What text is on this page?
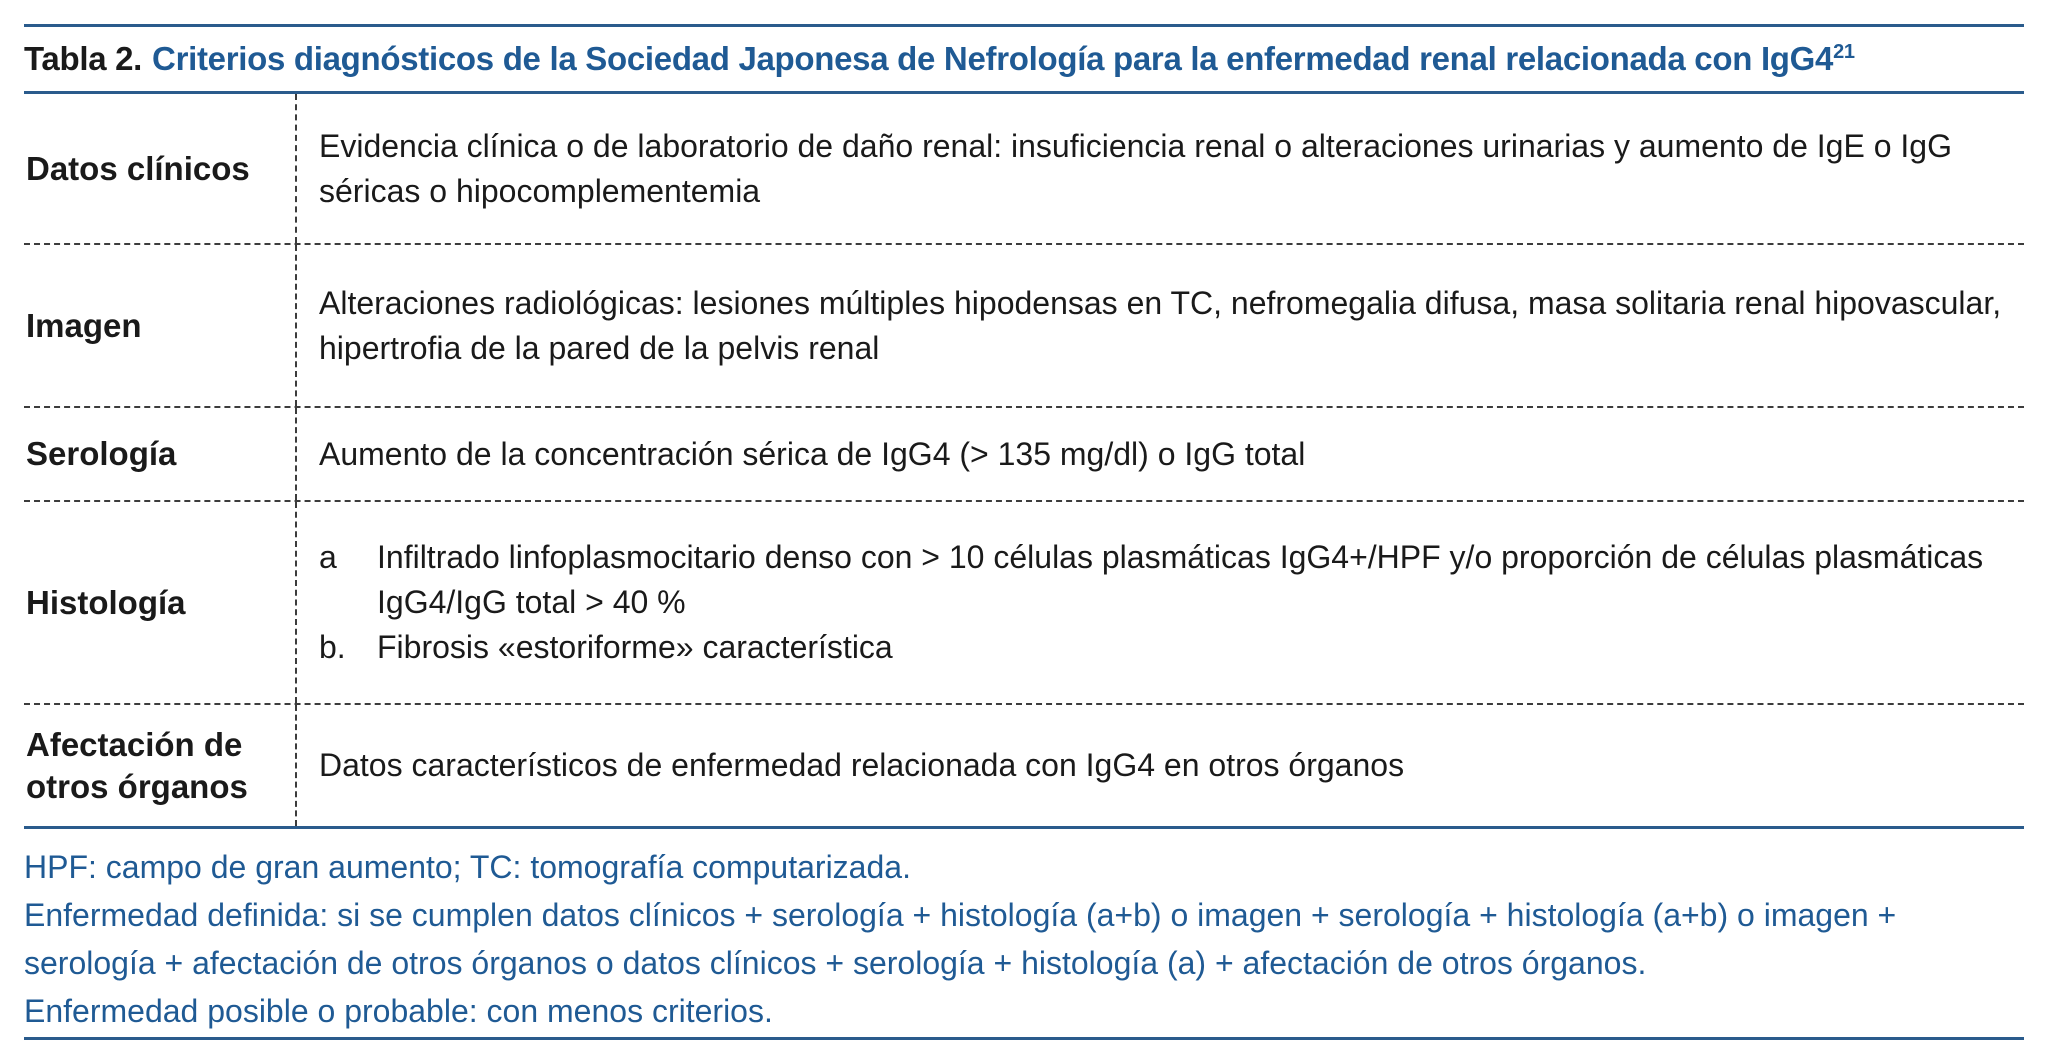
Tabla 2. Criterios diagnósticos de la Sociedad Japonesa de Nefrología para la enfermedad renal relacionada con $IgG4^{21}$
Datos clínicos
Evidencia clínica o de laboratorio de daño renal: insuficiencia renal o alteraciones urinarias y aumento de IgE o IgG séricas o hipocomplementemia
Imagen
Alteraciones radiológicas: lesiones múltiples hipodensas en TC, nefromegalia difusa, masa solitaria renal hipovascular, hipertrofia de la pared de la pelvis renal
Serología	Aumento de la concentración sérica de IgG4 (> 135 mg/dl) o IgG total
Histología
a	Infiltrado linfoplasmocitario denso con > 10 células plasmáticas IgG4+/HPF y/o proporción de células plasmáticas IgG4/IgG total > 40 %
b. Fibrosis «estoriforme» característica
Afectación de
otros órganos
Datos característicos de enfermedad relacionada con IgG4 en otros órganos
HPF: campo de gran aumento; TC: tomografía computarizada.
Enfermedad definida: si se cumplen datos clínicos + serología + histología (a+b) o imagen + serología + histología (a+b) o imagen + serología + afectación de otros órganos o datos clínicos + serología + histología (a) + afectación de otros órganos.
Enfermedad posible o probable: con menos criterios.
